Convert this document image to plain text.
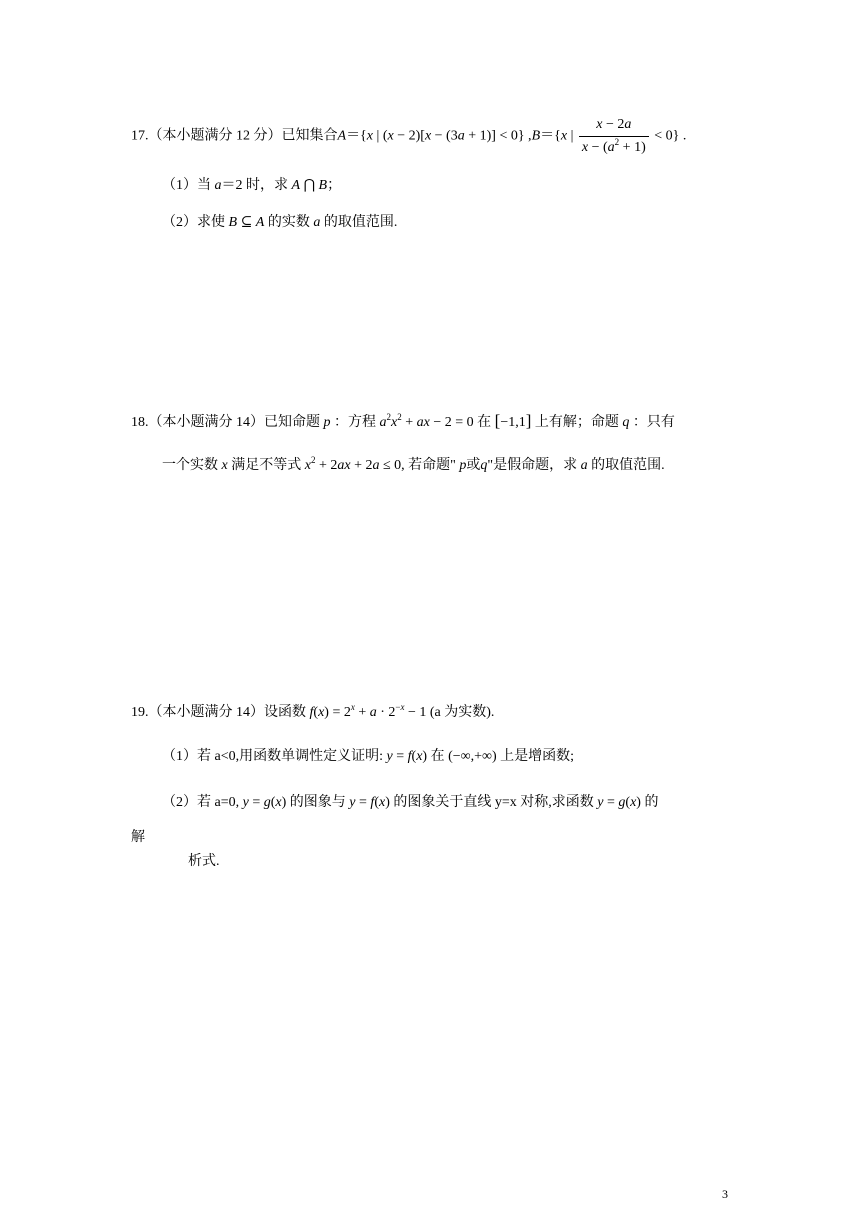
17.（本小题满分 12 分）已知集合A＝{x | (x − 2)[x − (3a + 1)] < 0} ,B＝{x | $\frac{x - 2a}{x - (a^2 + 1)} < 0$} .
（1）当 a＝2 时，求 A ⋂ B；
（2）求使 B ⊆ A 的实数 a 的取值范围.
18.（本小题满分 14）已知命题 p ：方程 $a^2x^2$ + ax − 2 = 0 在 [−1,1] 上有解；命题 q ：只有
一个实数 x 满足不等式 $x^2 + 2ax + 2a \le 0$, 若命题" p或q"是假命题，求 a 的取值范围.
19.（本小题满分 14）设函数 $f(x) = 2^x + a \cdot 2^{-x} - 1$ (a 为实数).
（1）若 a<0,用函数单调性定义证明: y = f(x) 在 (−∞,+∞) 上是增函数;
（2）若 a=0, y = g(x) 的图象与 y = f(x) 的图象关于直线 y=x 对称,求函数 y = g(x) 的
解
析式.
3
